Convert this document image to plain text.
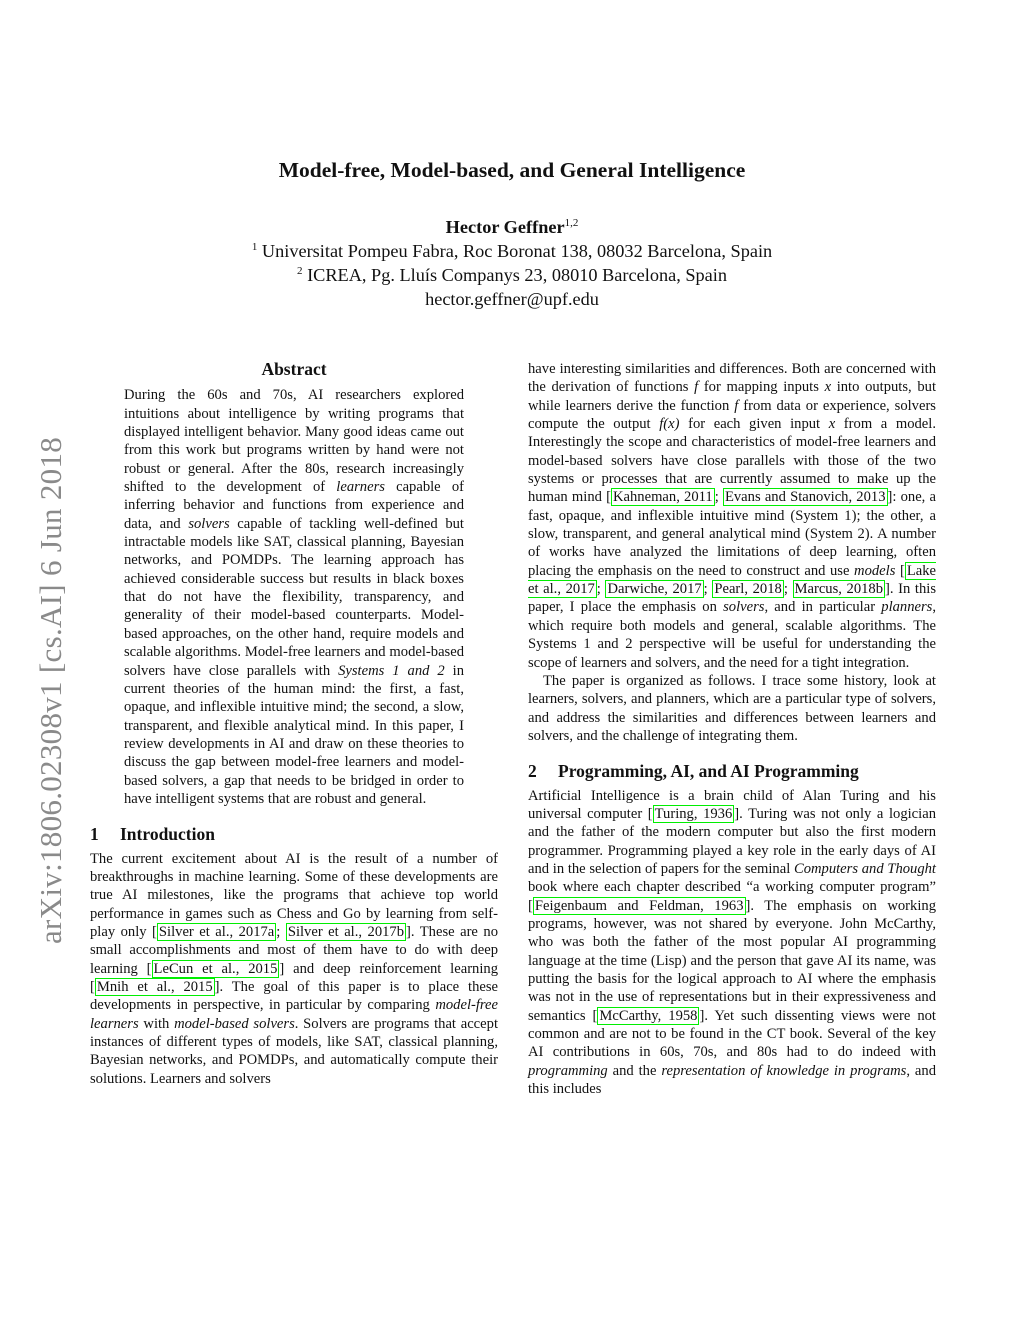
arXiv:1806.02308v1 [cs.AI] 6 Jun 2018
Model-free, Model-based, and General Intelligence
Hector Geffner$^{1,2}$
$^1$ Universitat Pompeu Fabra, Roc Boronat 138, 08032 Barcelona, Spain
$^2$ ICREA, Pg. Lluís Companys 23, 08010 Barcelona, Spain
hector.geffner@upf.edu
Abstract

During the 60s and 70s, AI researchers explored intuitions about intelligence by writing programs that displayed intelligent behavior. Many good ideas came out from this work but programs written by hand were not robust or general. After the 80s, research increasingly shifted to the development of learners capable of inferring behavior and functions from experience and data, and solvers capable of tackling well-defined but intractable models like SAT, classical planning, Bayesian networks, and POMDPs. The learning approach has achieved considerable success but results in black boxes that do not have the flexibility, transparency, and generality of their model-based counterparts. Model-based approaches, on the other hand, require models and scalable algorithms. Model-free learners and model-based solvers have close parallels with Systems 1 and 2 in current theories of the human mind: the first, a fast, opaque, and inflexible intuitive mind; the second, a slow, transparent, and flexible analytical mind. In this paper, I review developments in AI and draw on these theories to discuss the gap between model-free learners and model-based solvers, a gap that needs to be bridged in order to have intelligent systems that are robust and general.

1 Introduction

The current excitement about AI is the result of a number of breakthroughs in machine learning. Some of these developments are true AI milestones, like the programs that achieve top world performance in games such as Chess and Go by learning from self-play only [ Silver et al., 2017a ; Silver et al., 2017b ]. These are no small accomplishments and most of them have to do with deep learning [ LeCun et al., 2015 ] and deep reinforcement learning [ Mnih et al., 2015 ]. The goal of this paper is to place these developments in perspective, in particular by comparing model-free learners with model-based solvers. Solvers are programs that accept instances of different types of models, like SAT, classical planning, Bayesian networks, and POMDPs, and automatically compute their solutions. Learners and solvers

have interesting similarities and differences. Both are concerned with the derivation of functions f for mapping inputs x into outputs, but while learners derive the function f from data or experience, solvers compute the output f(x) for each given input x from a model. Interestingly the scope and characteristics of model-free learners and model-based solvers have close parallels with those of the two systems or processes that are currently assumed to make up the human mind [ Kahneman, 2011 ; Evans and Stanovich, 2013 ]: one, a fast, opaque, and inflexible intuitive mind (System 1); the other, a slow, transparent, and general analytical mind (System 2). A number of works have analyzed the limitations of deep learning, often placing the emphasis on the need to construct and use models [ Lake et al., 2017 ; Darwiche, 2017 ; Pearl, 2018 ; Marcus, 2018b ]. In this paper, I place the emphasis on solvers, and in particular planners, which require both models and general, scalable algorithms. The Systems 1 and 2 perspective will be useful for understanding the scope of learners and solvers, and the need for a tight integration.

The paper is organized as follows. I trace some history, look at learners, solvers, and planners, which are a particular type of solvers, and address the similarities and differences between learners and solvers, and the challenge of integrating them.

2 Programming, AI, and AI Programming

Artificial Intelligence is a brain child of Alan Turing and his universal computer [ Turing, 1936 ]. Turing was not only a logician and the father of the modern computer but also the first modern programmer. Programming played a key role in the early days of AI and in the selection of papers for the seminal Computers and Thought book where each chapter described “a working computer program” [ Feigenbaum and Feldman, 1963 ]. The emphasis on working programs, however, was not shared by everyone. John McCarthy, who was both the father of the most popular AI programming language at the time (Lisp) and the person that gave AI its name, was putting the basis for the logical approach to AI where the emphasis was not in the use of representations but in their expressiveness and semantics [ McCarthy, 1958 ]. Yet such dissenting views were not common and are not to be found in the CT book. Several of the key AI contributions in 60s, 70s, and 80s had to do indeed with programming and the representation of knowledge in programs, and this includes
